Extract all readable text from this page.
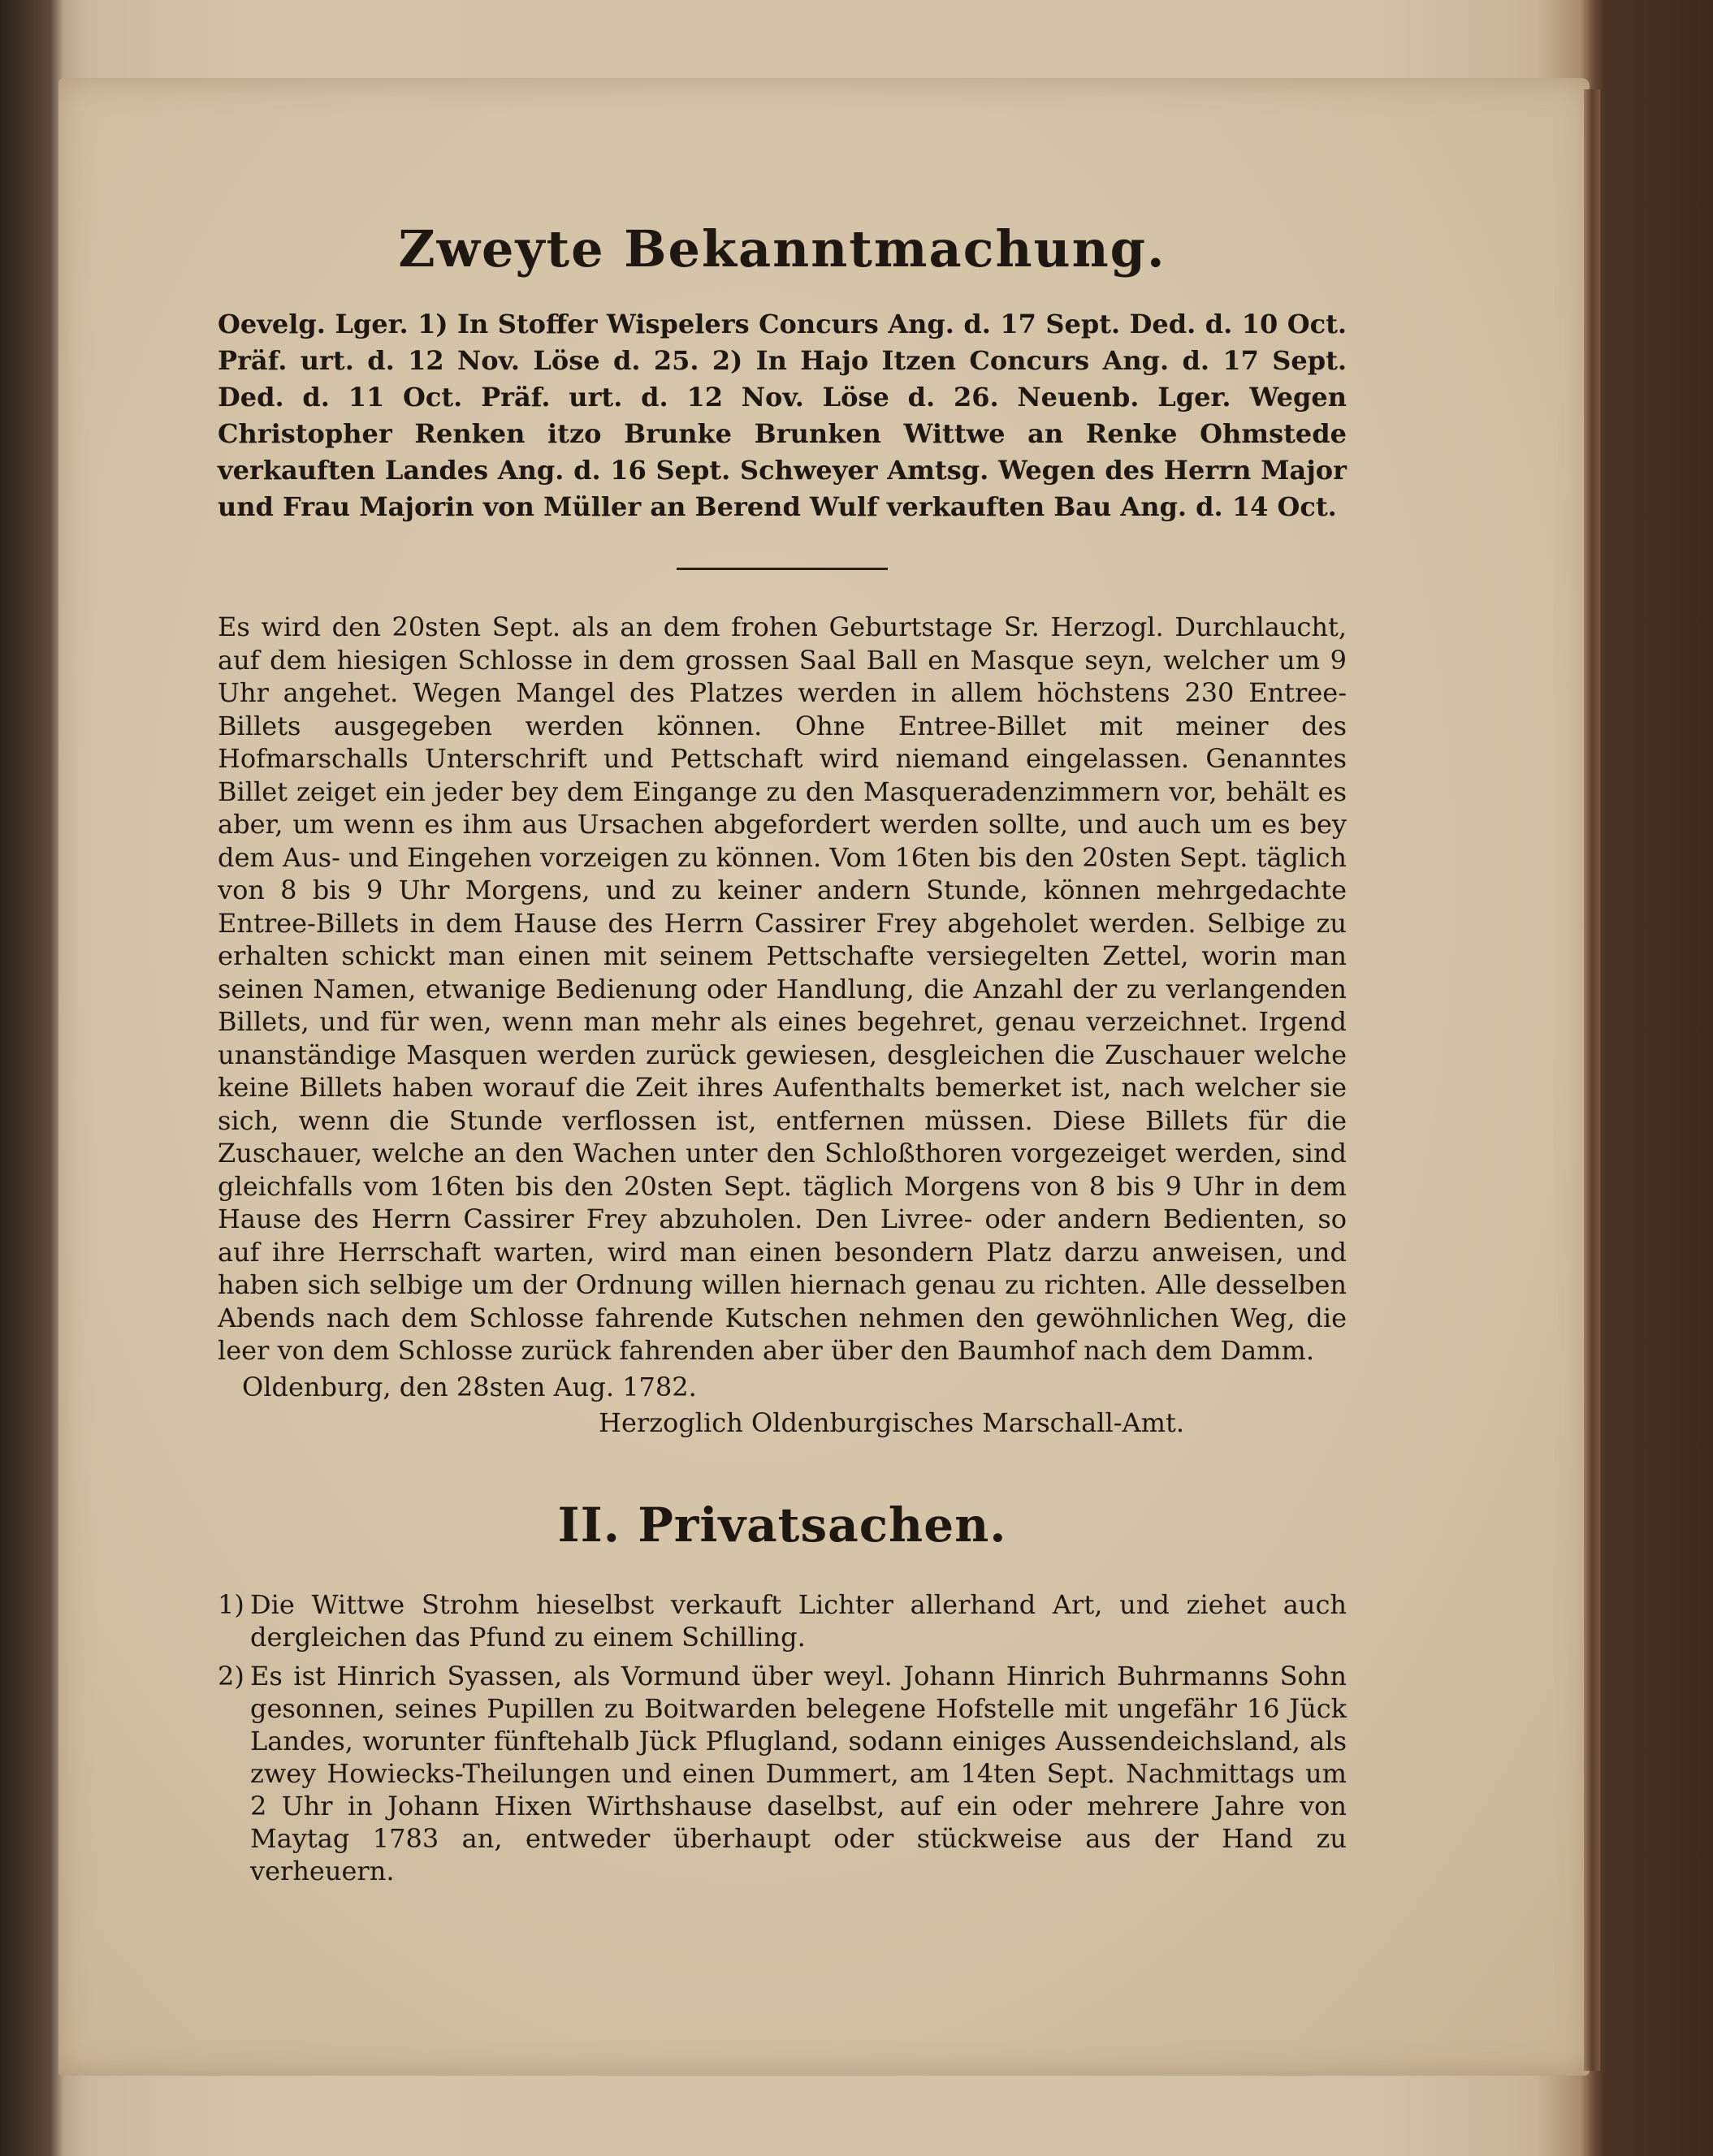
Zweyte Bekanntmachung.
Oevelg. Lger. 1) In Stoffer Wispelers Concurs Ang. d. 17 Sept. Ded. d. 10 Oct. Präf. urt. d. 12 Nov. Löse d. 25. 2) In Hajo Itzen Concurs Ang. d. 17 Sept. Ded. d. 11 Oct. Präf. urt. d. 12 Nov. Löse d. 26. Neuenb. Lger. Wegen Christopher Renken itzo Brunke Brunken Wittwe an Renke Ohmstede verkauften Landes Ang. d. 16 Sept. Schweyer Amtsg. Wegen des Herrn Major und Frau Majorin von Müller an Berend Wulf verkauften Bau Ang. d. 14 Oct.
Es wird den 20sten Sept. als an dem frohen Geburtstage Sr. Herzogl. Durchlaucht, auf dem hiesigen Schlosse in dem grossen Saal Ball en Masque seyn, welcher um 9 Uhr angehet. Wegen Mangel des Platzes werden in allem höchstens 230 Entree-Billets ausgegeben werden können. Ohne Entree-Billet mit meiner des Hofmarschalls Unterschrift und Pettschaft wird niemand eingelassen. Genanntes Billet zeiget ein jeder bey dem Eingange zu den Masqueradenzimmern vor, behält es aber, um wenn es ihm aus Ursachen abgefordert werden sollte, und auch um es bey dem Aus- und Eingehen vorzeigen zu können. Vom 16ten bis den 20sten Sept. täglich von 8 bis 9 Uhr Morgens, und zu keiner andern Stunde, können mehrgedachte Entree-Billets in dem Hause des Herrn Cassirer Frey abgeholet werden. Selbige zu erhalten schickt man einen mit seinem Pettschafte versiegelten Zettel, worin man seinen Namen, etwanige Bedienung oder Handlung, die Anzahl der zu verlangenden Billets, und für wen, wenn man mehr als eines begehret, genau verzeichnet. Irgend unanständige Masquen werden zurück gewiesen, desgleichen die Zuschauer welche keine Billets haben worauf die Zeit ihres Aufenthalts bemerket ist, nach welcher sie sich, wenn die Stunde verflossen ist, entfernen müssen. Diese Billets für die Zuschauer, welche an den Wachen unter den Schloßthoren vorgezeiget werden, sind gleichfalls vom 16ten bis den 20sten Sept. täglich Morgens von 8 bis 9 Uhr in dem Hause des Herrn Cassirer Frey abzuholen. Den Livree- oder andern Bedienten, so auf ihre Herrschaft warten, wird man einen besondern Platz darzu anweisen, und haben sich selbige um der Ordnung willen hiernach genau zu richten. Alle desselben Abends nach dem Schlosse fahrende Kutschen nehmen den gewöhnlichen Weg, die leer von dem Schlosse zurück fahrenden aber über den Baumhof nach dem Damm.
Oldenburg, den 28sten Aug. 1782.
Herzoglich Oldenburgisches Marschall-Amt.
II. Privatsachen.
1) Die Wittwe Strohm hieselbst verkauft Lichter allerhand Art, und ziehet auch dergleichen das Pfund zu einem Schilling.
2) Es ist Hinrich Syassen, als Vormund über weyl. Johann Hinrich Buhrmanns Sohn gesonnen, seines Pupillen zu Boitwarden belegene Hofstelle mit ungefähr 16 Jück Landes, worunter fünftehalb Jück Pflugland, sodann einiges Aussendeichsland, als zwey Howiecks-Theilungen und einen Dummert, am 14ten Sept. Nachmittags um 2 Uhr in Johann Hixen Wirthshause daselbst, auf ein oder mehrere Jahre von Maytag 1783 an, entweder überhaupt oder stückweise aus der Hand zu verheuern.
